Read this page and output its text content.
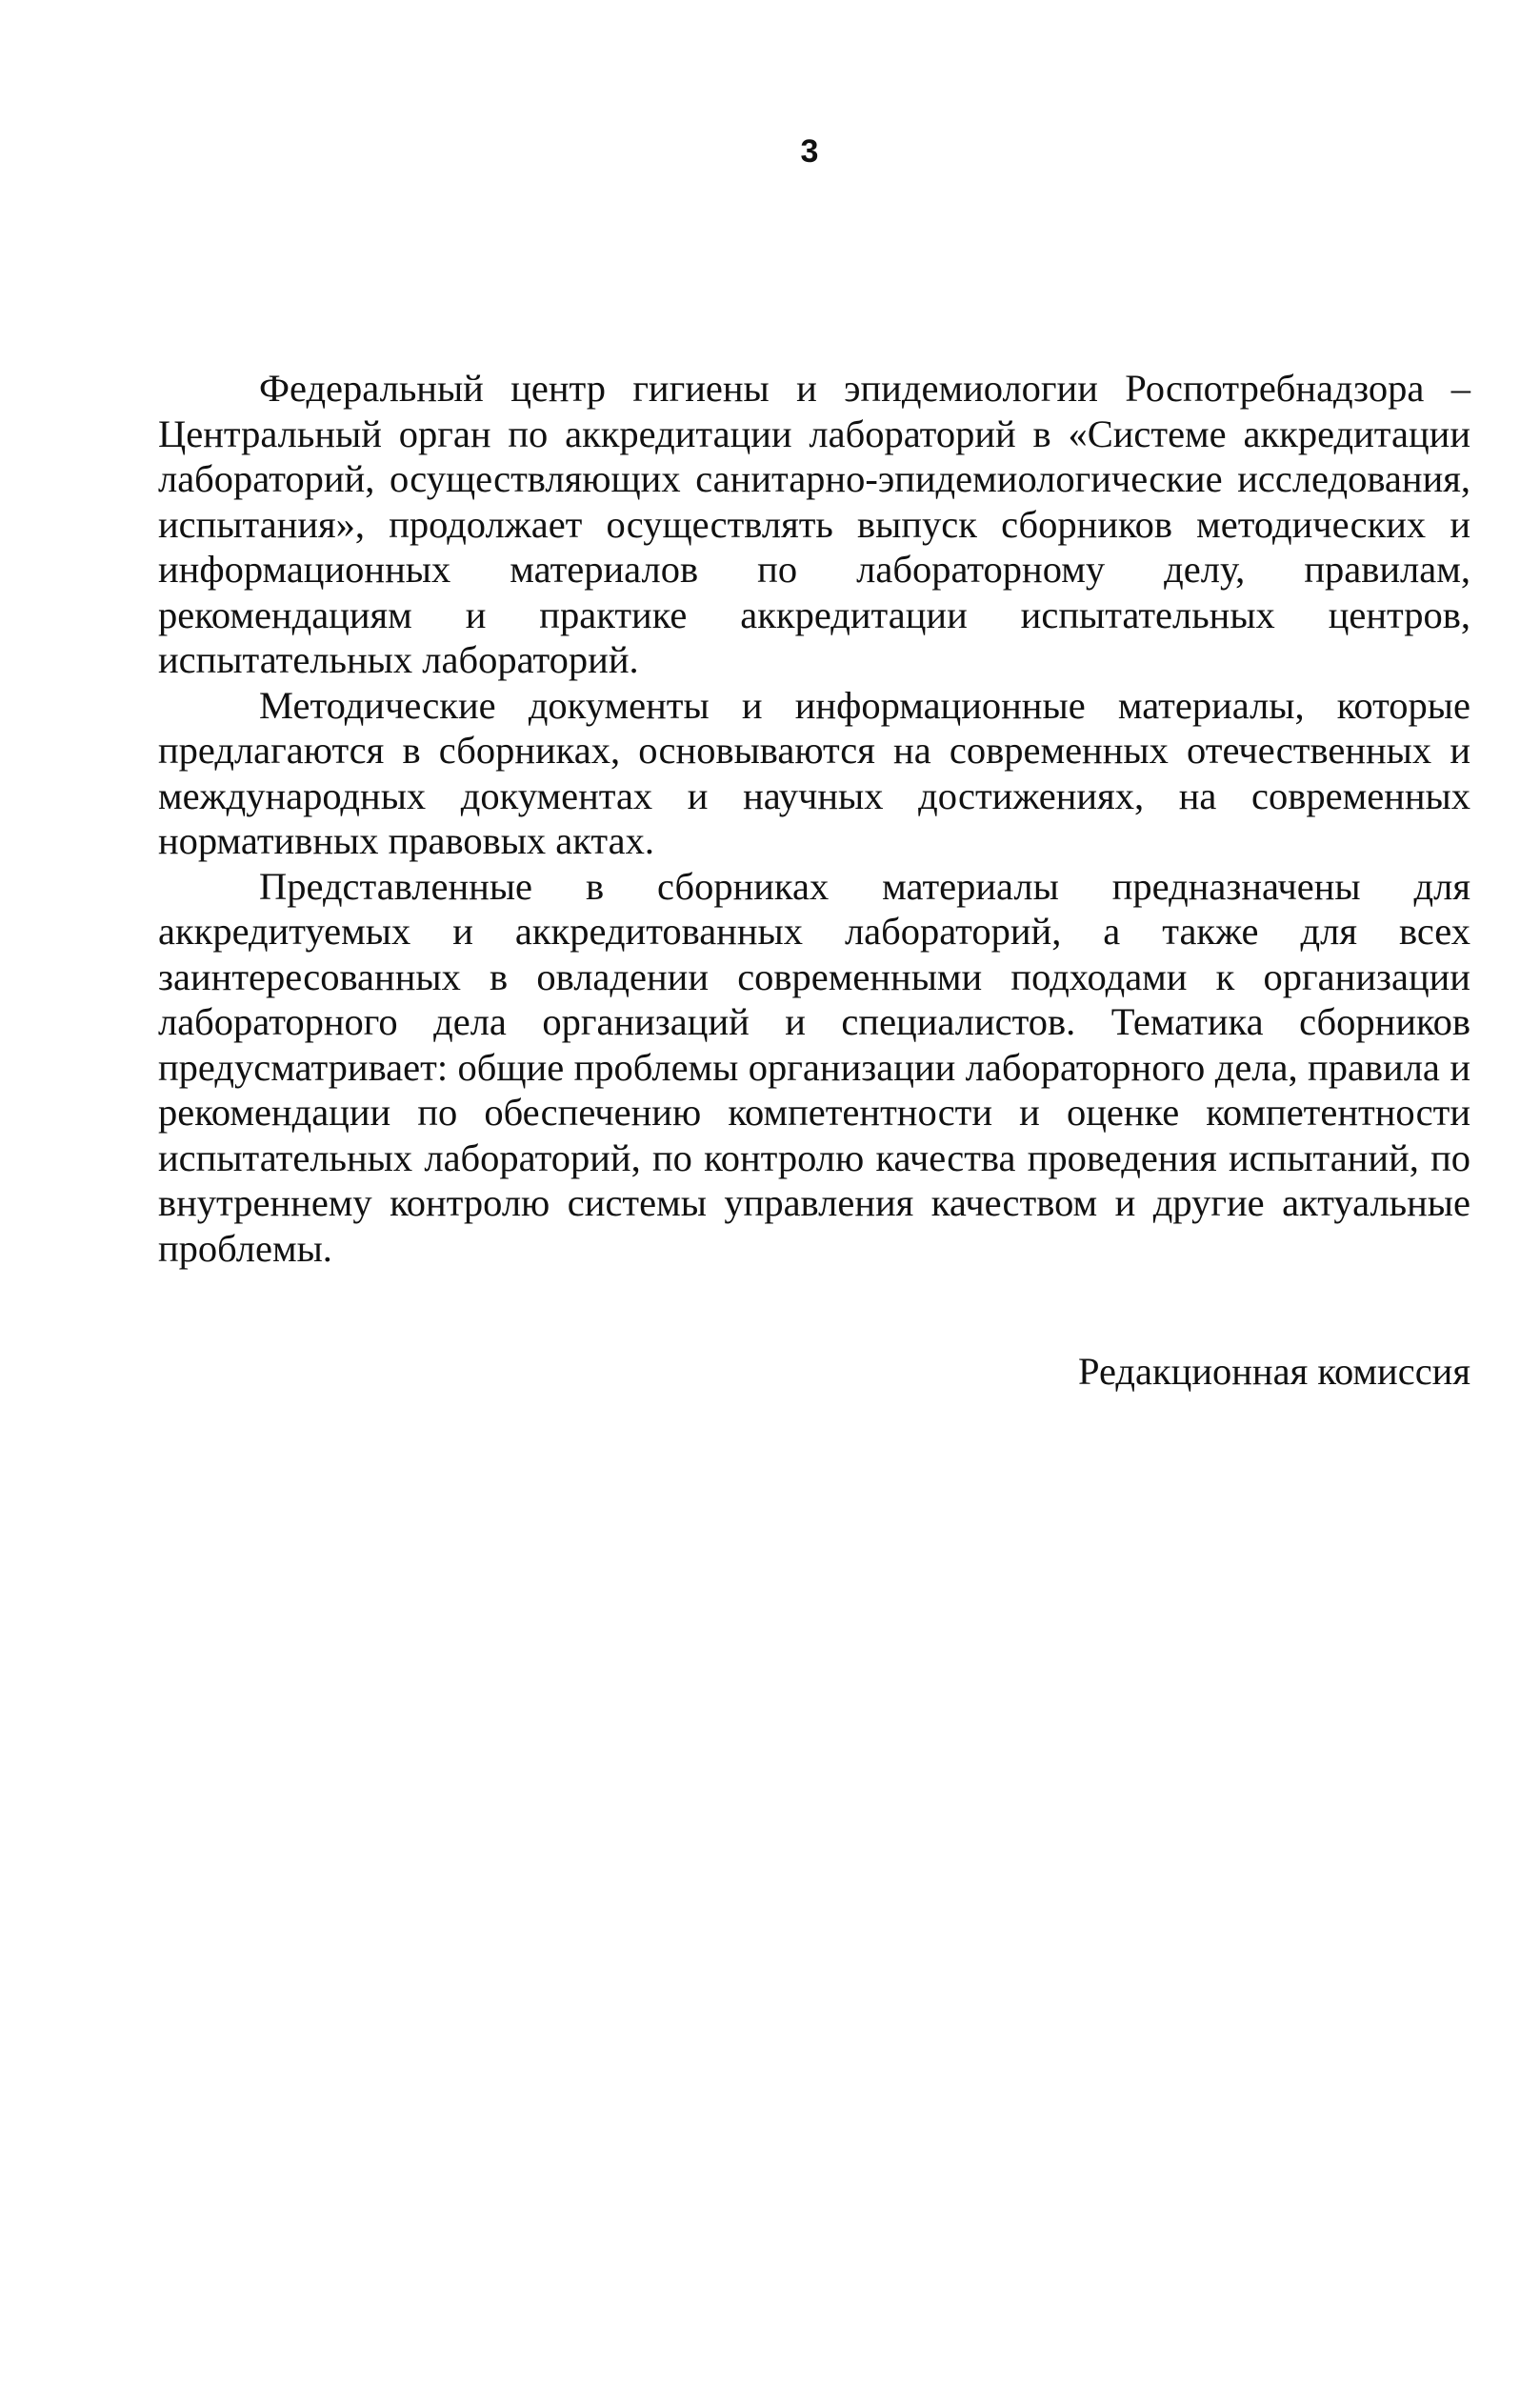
3

Федеральный центр гигиены и эпидемиологии Роспотребнадзора – Центральный орган по аккредитации лабораторий в «Системе аккредитации лабораторий, осуществляющих санитарно-эпидемиологические исследования, испытания», продолжает осуществлять выпуск сборников методических и информационных материалов по лабораторному делу, правилам, рекомендациям и практике аккредитации испытательных центров, испытательных лабораторий.

Методические документы и информационные материалы, которые предлагаются в сборниках, основываются на современных отечественных и международных документах и научных достижениях, на современных нормативных правовых актах.

Представленные в сборниках материалы предназначены для аккредитуемых и аккредитованных лабораторий, а также для всех заинтересованных в овладении современными подходами к организации лабораторного дела организаций и специалистов. Тематика сборников предусматривает: общие проблемы организации лабораторного дела, правила и рекомендации по обеспечению компетентности и оценке компетентности испытательных лабораторий, по контролю качества проведения испытаний, по внутреннему контролю системы управления качеством и другие актуальные проблемы.

Редакционная комиссия
